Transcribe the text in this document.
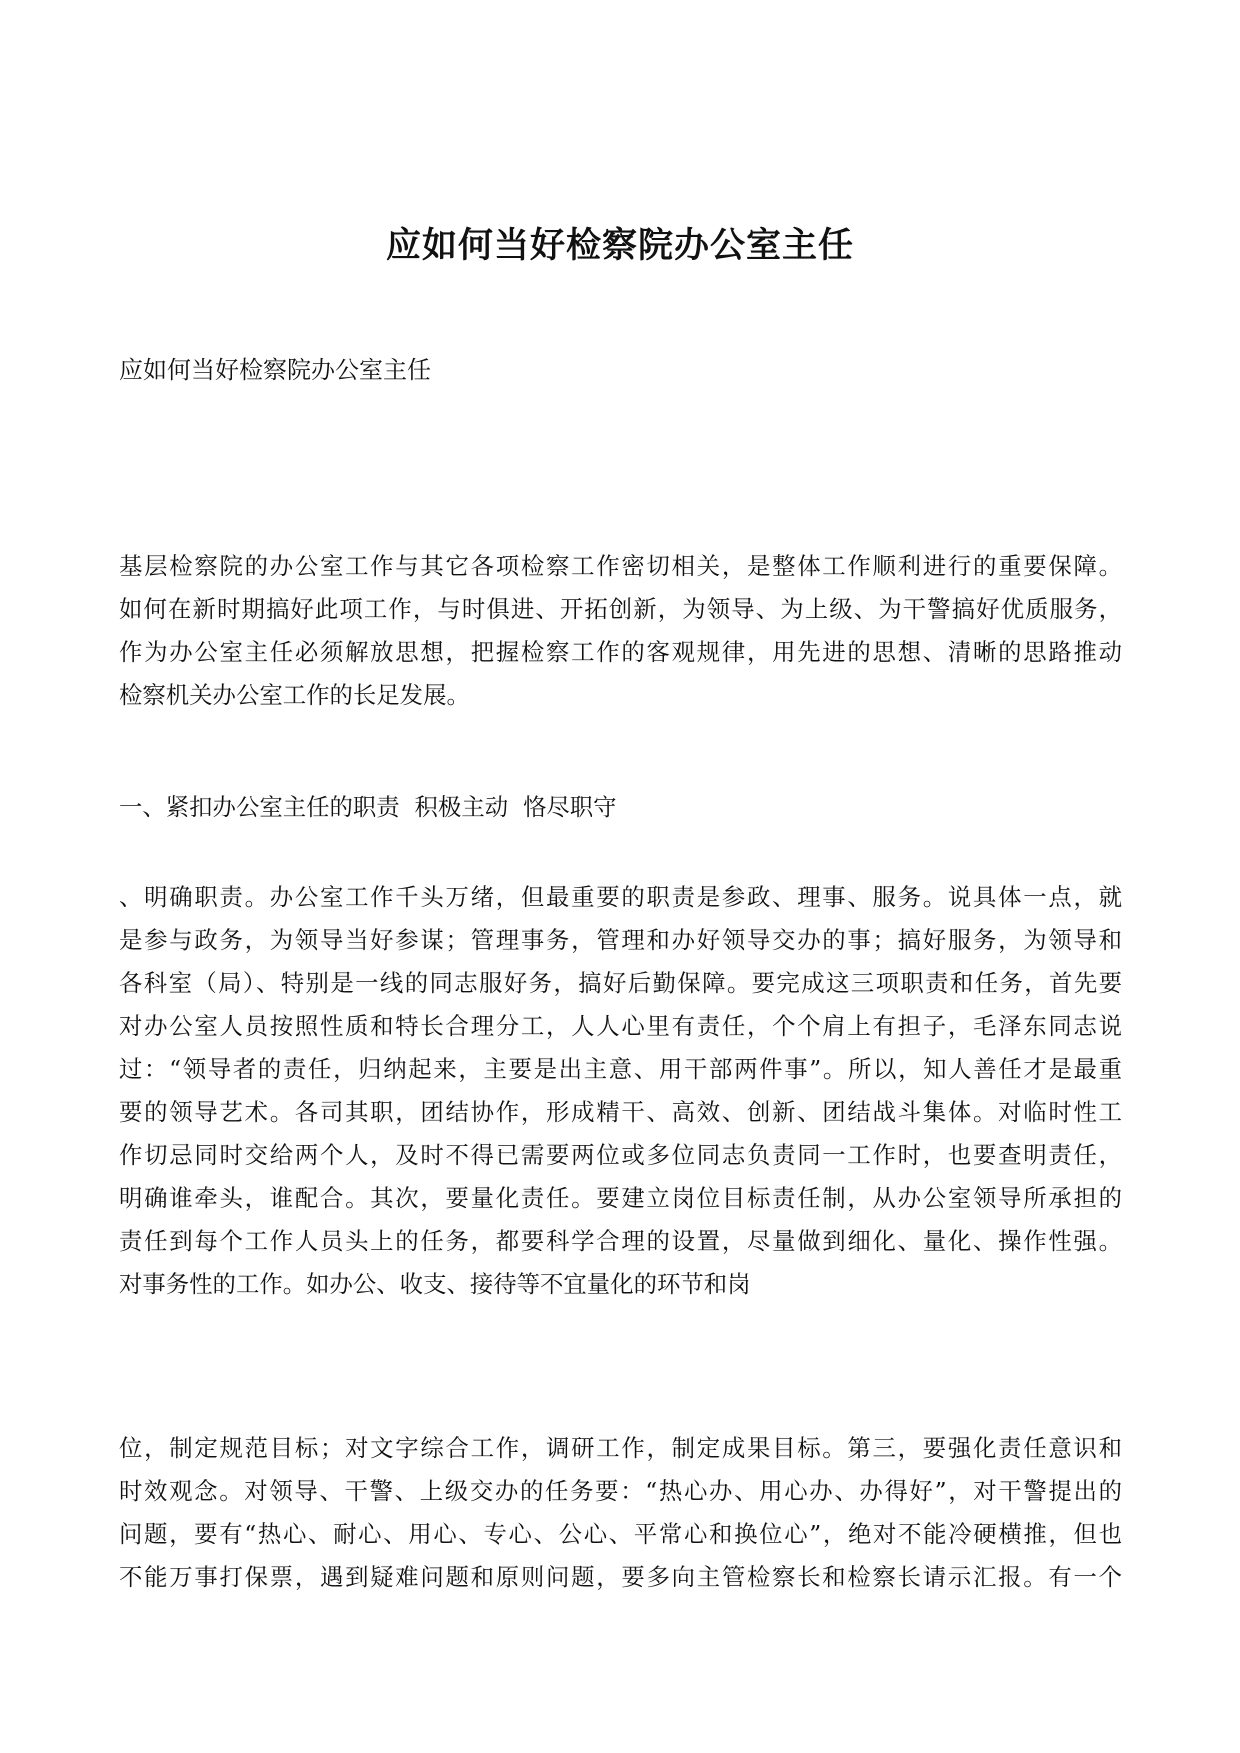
应如何当好检察院办公室主任

应如何当好检察院办公室主任

基层检察院的办公室工作与其它各项检察工作密切相关，是整体工作顺利进行的重要保障。
如何在新时期搞好此项工作，与时俱进、开拓创新，为领导、为上级、为干警搞好优质服务，
作为办公室主任必须解放思想，把握检察工作的客观规律，用先进的思想、清晰的思路推动
检察机关办公室工作的长足发展。

一、紧扣办公室主任的职责  积极主动  恪尽职守

、明确职责。办公室工作千头万绪，但最重要的职责是参政、理事、服务。说具体一点，就
是参与政务，为领导当好参谋；管理事务，管理和办好领导交办的事；搞好服务，为领导和
各科室（局）、特别是一线的同志服好务，搞好后勤保障。要完成这三项职责和任务，首先要
对办公室人员按照性质和特长合理分工，人人心里有责任，个个肩上有担子，毛泽东同志说
过：“领导者的责任，归纳起来，主要是出主意、用干部两件事”。所以，知人善任才是最重
要的领导艺术。各司其职，团结协作，形成精干、高效、创新、团结战斗集体。对临时性工
作切忌同时交给两个人，及时不得已需要两位或多位同志负责同一工作时，也要查明责任，
明确谁牵头，谁配合。其次，要量化责任。要建立岗位目标责任制，从办公室领导所承担的
责任到每个工作人员头上的任务，都要科学合理的设置，尽量做到细化、量化、操作性强。
对事务性的工作。如办公、收支、接待等不宜量化的环节和岗
位，制定规范目标；对文字综合工作，调研工作，制定成果目标。第三，要强化责任意识和
时效观念。对领导、干警、上级交办的任务要：“热心办、用心办、办得好”，对干警提出的
问题，要有“热心、耐心、用心、专心、公心、平常心和换位心”，绝对不能冷硬横推，但也
不能万事打保票，遇到疑难问题和原则问题，要多向主管检察长和检察长请示汇报。有一个
